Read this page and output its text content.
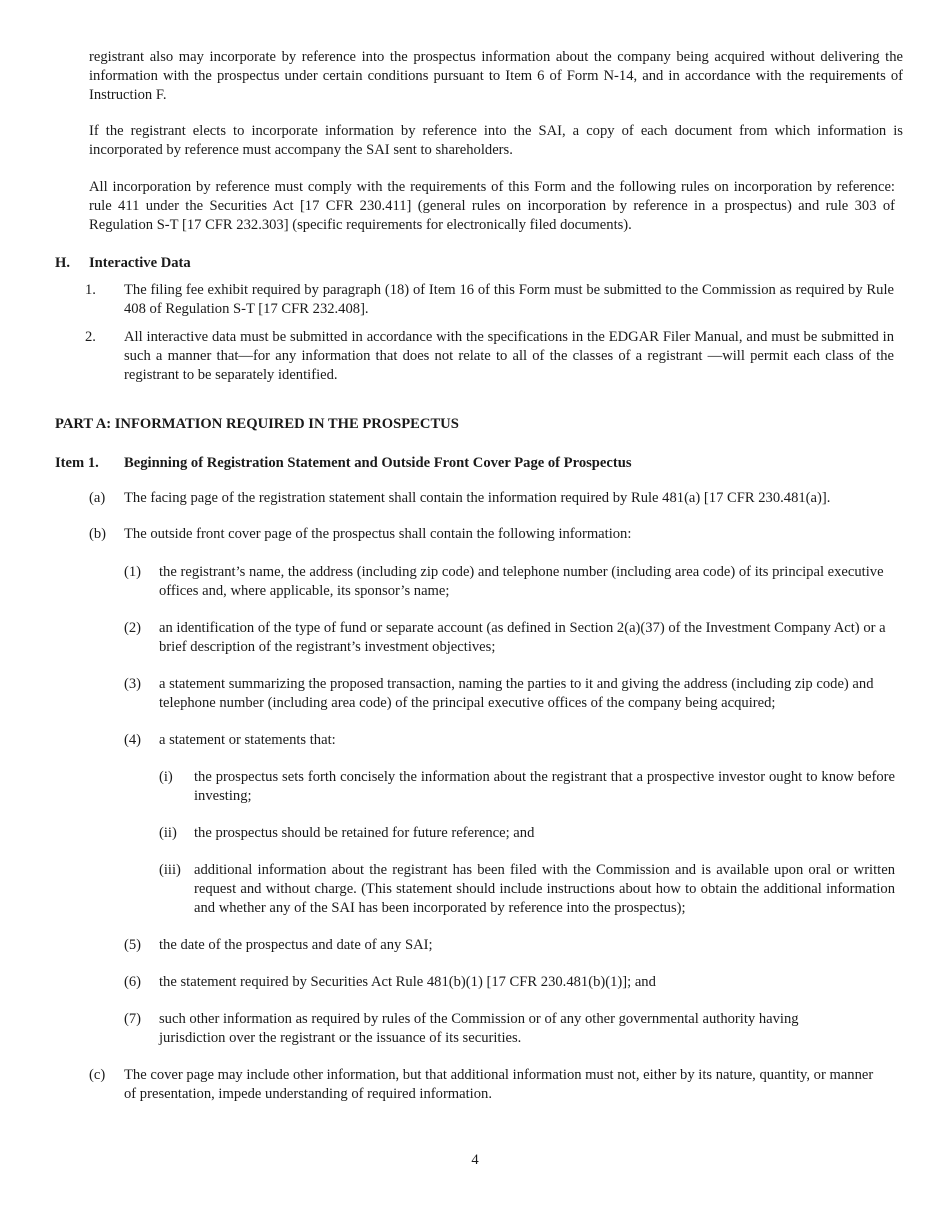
registrant also may incorporate by reference into the prospectus information about the company being acquired without delivering the information with the prospectus under certain conditions pursuant to Item 6 of Form N-14, and in accordance with the requirements of Instruction F.

If the registrant elects to incorporate information by reference into the SAI, a copy of each document from which information is incorporated by reference must accompany the SAI sent to shareholders.

All incorporation by reference must comply with the requirements of this Form and the following rules on incorporation by reference: rule 411 under the Securities Act [17 CFR 230.411] (general rules on incorporation by reference in a prospectus) and rule 303 of Regulation S-T [17 CFR 232.303] (specific requirements for electronically filed documents).

H. Interactive Data
1. The filing fee exhibit required by paragraph (18) of Item 16 of this Form must be submitted to the Commission as required by Rule 408 of Regulation S-T [17 CFR 232.408].

2. All interactive data must be submitted in accordance with the specifications in the EDGAR Filer Manual, and must be submitted in such a manner that—for any information that does not relate to all of the classes of a registrant —will permit each class of the registrant to be separately identified.

PART A: INFORMATION REQUIRED IN THE PROSPECTUS
Item 1. Beginning of Registration Statement and Outside Front Cover Page of Prospectus
(a) The facing page of the registration statement shall contain the information required by Rule 481(a) [17 CFR 230.481(a)].

(b) The outside front cover page of the prospectus shall contain the following information:

(1) the registrant’s name, the address (including zip code) and telephone number (including area code) of its principal executive offices and, where applicable, its sponsor’s name;

(2) an identification of the type of fund or separate account (as defined in Section 2(a)(37) of the Investment Company Act) or a brief description of the registrant’s investment objectives;

(3) a statement summarizing the proposed transaction, naming the parties to it and giving the address (including zip code) and telephone number (including area code) of the principal executive offices of the company being acquired;

(4) a statement or statements that:

(i) the prospectus sets forth concisely the information about the registrant that a prospective investor ought to know before investing;

(ii) the prospectus should be retained for future reference; and

(iii) additional information about the registrant has been filed with the Commission and is available upon oral or written request and without charge. (This statement should include instructions about how to obtain the additional information and whether any of the SAI has been incorporated by reference into the prospectus);

(5) the date of the prospectus and date of any SAI;

(6) the statement required by Securities Act Rule 481(b)(1) [17 CFR 230.481(b)(1)]; and

(7) such other information as required by rules of the Commission or of any other governmental authority having jurisdiction over the registrant or the issuance of its securities.

(c) The cover page may include other information, but that additional information must not, either by its nature, quantity, or manner of presentation, impede understanding of required information.

4
